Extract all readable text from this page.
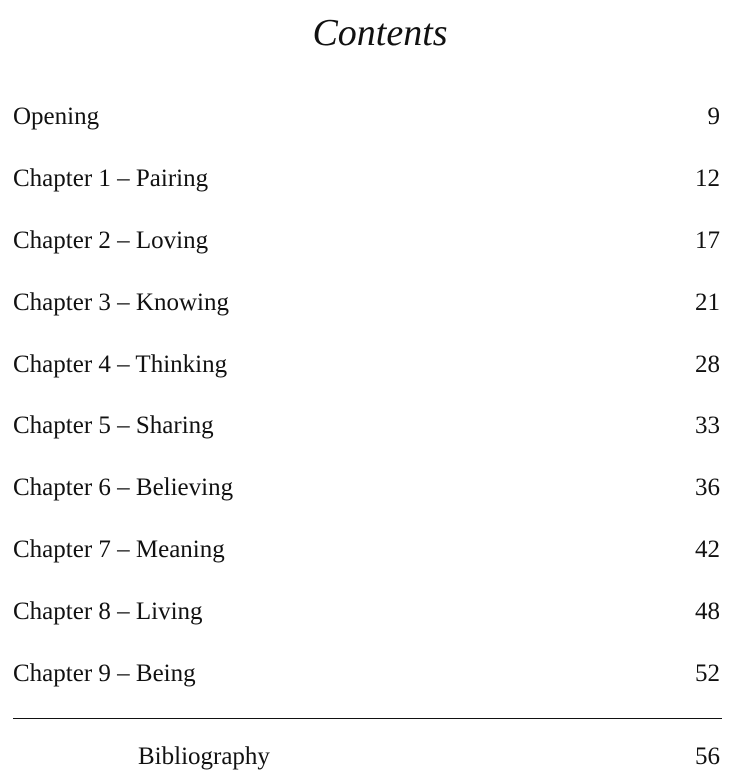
Contents
Opening	9
Chapter 1 – Pairing	12
Chapter 2 – Loving	17
Chapter 3 – Knowing	21
Chapter 4 – Thinking	28
Chapter 5 – Sharing	33
Chapter 6 – Believing	36
Chapter 7 – Meaning	42
Chapter 8 – Living	48
Chapter 9 – Being	52
Bibliography	56
